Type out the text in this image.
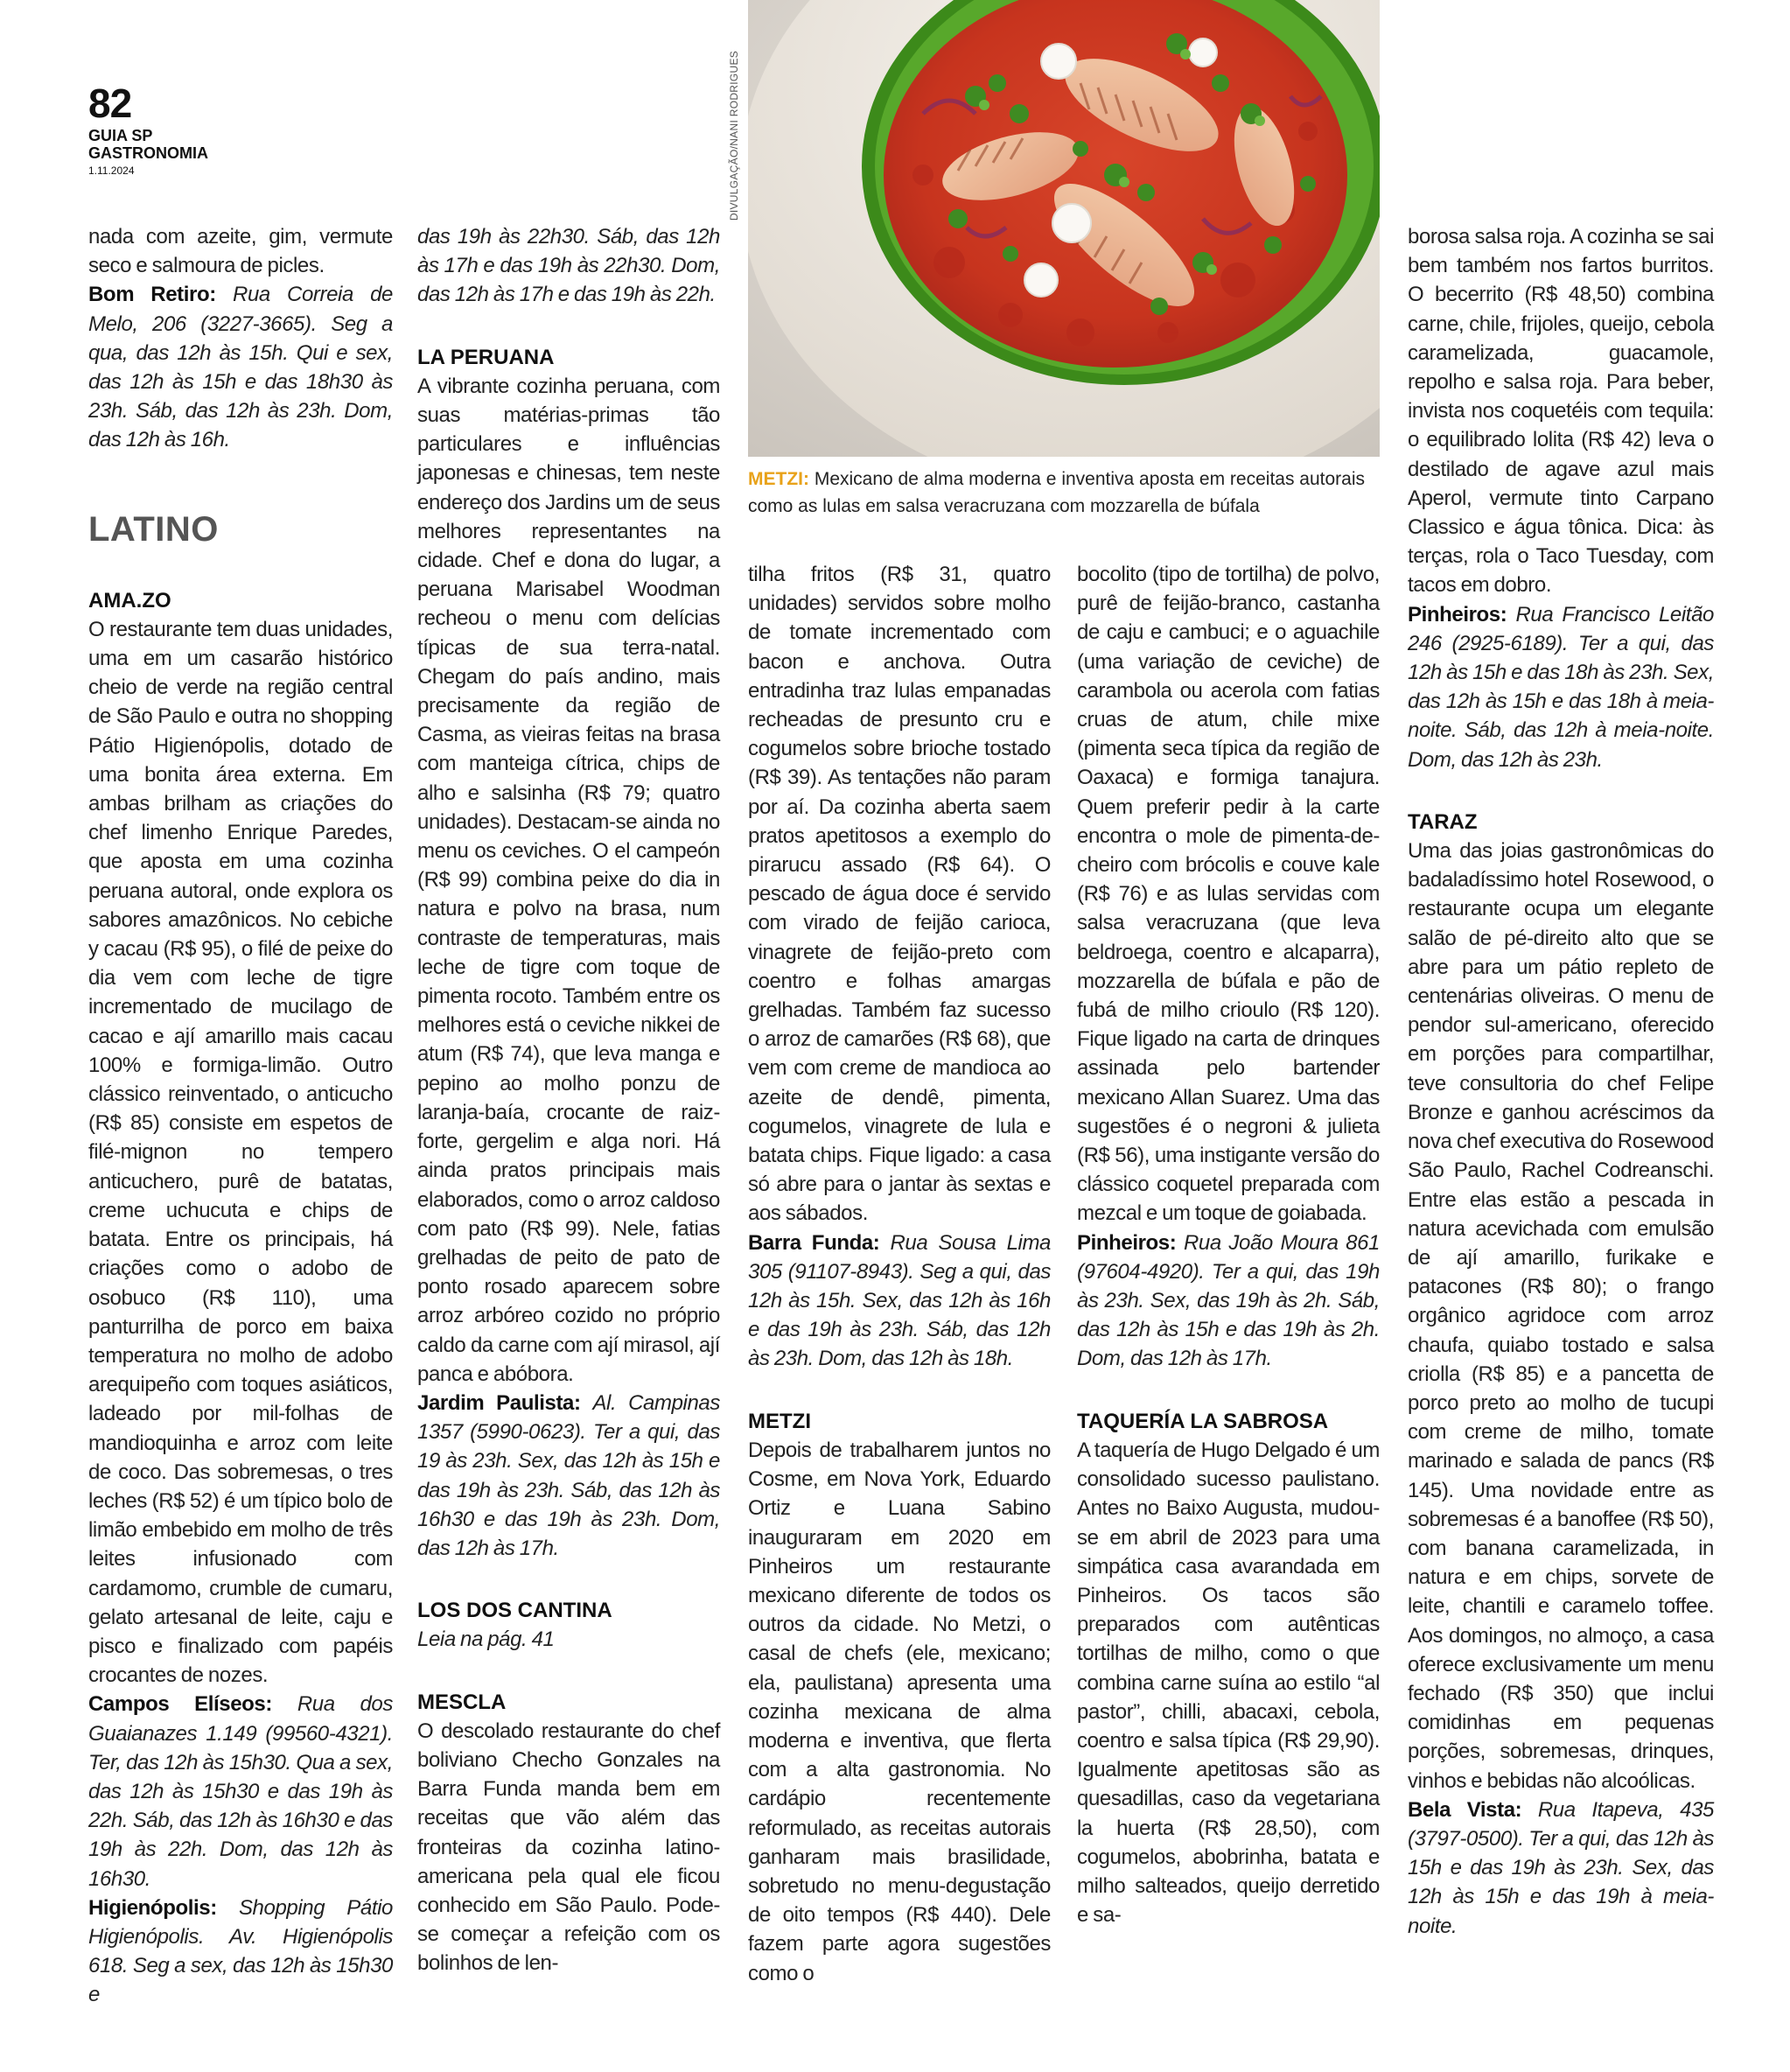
82
GUIA SP
GASTRONOMIA
1.11.2024	DIVULGAÇÃO/NANI RODRIGUES
METZI: Mexicano de alma moderna e inventiva aposta em receitas autorais como as lulas em salsa veracruzana com mozzarella de búfala

nada com azeite, gim, vermute seco e salmoura de picles.

Bom Retiro: Rua Correia de Melo, 206 (3227-3665). Seg a qua, das 12h às 15h. Qui e sex, das 12h às 15h e das 18h30 às 23h. Sáb, das 12h às 23h. Dom, das 12h às 16h.

LATINO
AMA.ZO

O restaurante tem duas unidades, uma em um casarão histórico cheio de verde na região central de São Paulo e outra no shopping Pátio Higienópolis, dotado de uma bonita área externa. Em ambas brilham as criações do chef limenho Enrique Paredes, que aposta em uma cozinha peruana autoral, onde explora os sabores amazônicos. No cebiche y cacau (R$ 95), o filé de peixe do dia vem com leche de tigre incrementado de mucilago de cacao e ají amarillo mais cacau 100% e formiga-limão. Outro clássico reinventado, o anticucho (R$ 85) consiste em espetos de filé-mignon no tempero anticuchero, purê de batatas, creme uchucuta e chips de batata. Entre os principais, há criações como o adobo de osobuco (R$ 110), uma panturrilha de porco em baixa temperatura no molho de adobo arequipeño com toques asiáticos, ladeado por mil-folhas de mandioquinha e arroz com leite de coco. Das sobremesas, o tres leches (R$ 52) é um típico bolo de limão embebido em molho de três leites infusionado com cardamomo, crumble de cumaru, gelato artesanal de leite, caju e pisco e finalizado com papéis crocantes de nozes.

Campos Elíseos: Rua dos Guaianazes 1.149 (99560-4321). Ter, das 12h às 15h30. Qua a sex, das 12h às 15h30 e das 19h às 22h. Sáb, das 12h às 16h30 e das 19h às 22h. Dom, das 12h às 16h30.

Higienópolis: Shopping Pátio Higienópolis. Av. Higienópolis 618. Seg a sex, das 12h às 15h30 e

das 19h às 22h30. Sáb, das 12h às 17h e das 19h às 22h30. Dom, das 12h às 17h e das 19h às 22h.

LA PERUANA

A vibrante cozinha peruana, com suas matérias-primas tão particulares e influências japonesas e chinesas, tem neste endereço dos Jardins um de seus melhores representantes na cidade. Chef e dona do lugar, a peruana Marisabel Woodman recheou o menu com delícias típicas de sua terra-natal. Chegam do país andino, mais precisamente da região de Casma, as vieiras feitas na brasa com manteiga cítrica, chips de alho e salsinha (R$ 79; quatro unidades). Destacam-se ainda no menu os ceviches. O el campeón (R$ 99) combina peixe do dia in natura e polvo na brasa, num contraste de temperaturas, mais leche de tigre com toque de pimenta rocoto. Também entre os melhores está o ceviche nikkei de atum (R$ 74), que leva manga e pepino ao molho ponzu de laranja-baía, crocante de raiz-forte, gergelim e alga nori. Há ainda pratos principais mais elaborados, como o arroz caldoso com pato (R$ 99). Nele, fatias grelhadas de peito de pato de ponto rosado aparecem sobre arroz arbóreo cozido no próprio caldo da carne com ají mirasol, ají panca e abóbora.

Jardim Paulista: Al. Campinas 1357 (5990-0623). Ter a qui, das 19 às 23h. Sex, das 12h às 15h e das 19h às 23h. Sáb, das 12h às 16h30 e das 19h às 23h. Dom, das 12h às 17h.

LOS DOS CANTINA

Leia na pág. 41

MESCLA

O descolado restaurante do chef boliviano Checho Gonzales na Barra Funda manda bem em receitas que vão além das fronteiras da cozinha latino-americana pela qual ele ficou conhecido em São Paulo. Pode-se começar a refeição com os bolinhos de len-

tilha fritos (R$ 31, quatro unidades) servidos sobre molho de tomate incrementado com bacon e anchova. Outra entradinha traz lulas empanadas recheadas de presunto cru e cogumelos sobre brioche tostado (R$ 39). As tentações não param por aí. Da cozinha aberta saem pratos apetitosos a exemplo do pirarucu assado (R$ 64). O pescado de água doce é servido com virado de feijão carioca, vinagrete de feijão-preto com coentro e folhas amargas grelhadas. Também faz sucesso o arroz de camarões (R$ 68), que vem com creme de mandioca ao azeite de dendê, pimenta, cogumelos, vinagrete de lula e batata chips. Fique ligado: a casa só abre para o jantar às sextas e aos sábados.

Barra Funda: Rua Sousa Lima 305 (91107-8943). Seg a qui, das 12h às 15h. Sex, das 12h às 16h e das 19h às 23h. Sáb, das 12h às 23h. Dom, das 12h às 18h.

METZI

Depois de trabalharem juntos no Cosme, em Nova York, Eduardo Ortiz e Luana Sabino inauguraram em 2020 em Pinheiros um restaurante mexicano diferente de todos os outros da cidade. No Metzi, o casal de chefs (ele, mexicano; ela, paulistana) apresenta uma cozinha mexicana de alma moderna e inventiva, que flerta com a alta gastronomia. No cardápio recentemente reformulado, as receitas autorais ganharam mais brasilidade, sobretudo no menu-degustação de oito tempos (R$ 440). Dele fazem parte agora sugestões como o

bocolito (tipo de tortilha) de polvo, purê de feijão-branco, castanha de caju e cambuci; e o aguachile (uma variação de ceviche) de carambola ou acerola com fatias cruas de atum, chile mixe (pimenta seca típica da região de Oaxaca) e formiga tanajura. Quem preferir pedir à la carte encontra o mole de pimenta-de-cheiro com brócolis e couve kale (R$ 76) e as lulas servidas com salsa veracruzana (que leva beldroega, coentro e alcaparra), mozzarella de búfala e pão de fubá de milho crioulo (R$ 120). Fique ligado na carta de drinques assinada pelo bartender mexicano Allan Suarez. Uma das sugestões é o negroni & julieta (R$ 56), uma instigante versão do clássico coquetel preparada com mezcal e um toque de goiabada.

Pinheiros: Rua João Moura 861 (97604-4920). Ter a qui, das 19h às 23h. Sex, das 19h às 2h. Sáb, das 12h às 15h e das 19h às 2h. Dom, das 12h às 17h.

TAQUERÍA LA SABROSA

A taquería de Hugo Delgado é um consolidado sucesso paulistano. Antes no Baixo Augusta, mudou-se em abril de 2023 para uma simpática casa avarandada em Pinheiros. Os tacos são preparados com autênticas tortilhas de milho, como o que combina carne suína ao estilo “al pastor”, chilli, abacaxi, cebola, coentro e salsa típica (R$ 29,90). Igualmente apetitosas são as quesadillas, caso da vegetariana la huerta (R$ 28,50), com cogumelos, abobrinha, batata e milho salteados, queijo derretido e sa-

borosa salsa roja. A cozinha se sai bem também nos fartos burritos. O becerrito (R$ 48,50) combina carne, chile, frijoles, queijo, cebola caramelizada, guacamole, repolho e salsa roja. Para beber, invista nos coquetéis com tequila: o equilibrado lolita (R$ 42) leva o destilado de agave azul mais Aperol, vermute tinto Carpano Classico e água tônica. Dica: às terças, rola o Taco Tuesday, com tacos em dobro.

Pinheiros: Rua Francisco Leitão 246 (2925-6189). Ter a qui, das 12h às 15h e das 18h às 23h. Sex, das 12h às 15h e das 18h à meia-noite. Sáb, das 12h à meia-noite. Dom, das 12h às 23h.

TARAZ

Uma das joias gastronômicas do badaladíssimo hotel Rosewood, o restaurante ocupa um elegante salão de pé-direito alto que se abre para um pátio repleto de centenárias oliveiras. O menu de pendor sul-americano, oferecido em porções para compartilhar, teve consultoria do chef Felipe Bronze e ganhou acréscimos da nova chef executiva do Rosewood São Paulo, Rachel Codreanschi. Entre elas estão a pescada in natura acevichada com emulsão de ají amarillo, furikake e patacones (R$ 80); o frango orgânico agridoce com arroz chaufa, quiabo tostado e salsa criolla (R$ 85) e a pancetta de porco preto ao molho de tucupi com creme de milho, tomate marinado e salada de pancs (R$ 145). Uma novidade entre as sobremesas é a banoffee (R$ 50), com banana caramelizada, in natura e em chips, sorvete de leite, chantili e caramelo toffee. Aos domingos, no almoço, a casa oferece exclusivamente um menu fechado (R$ 350) que inclui comidinhas em pequenas porções, sobremesas, drinques, vinhos e bebidas não alcoólicas.

Bela Vista: Rua Itapeva, 435 (3797-0500). Ter a qui, das 12h às 15h e das 19h às 23h. Sex, das 12h às 15h e das 19h à meia-noite.
